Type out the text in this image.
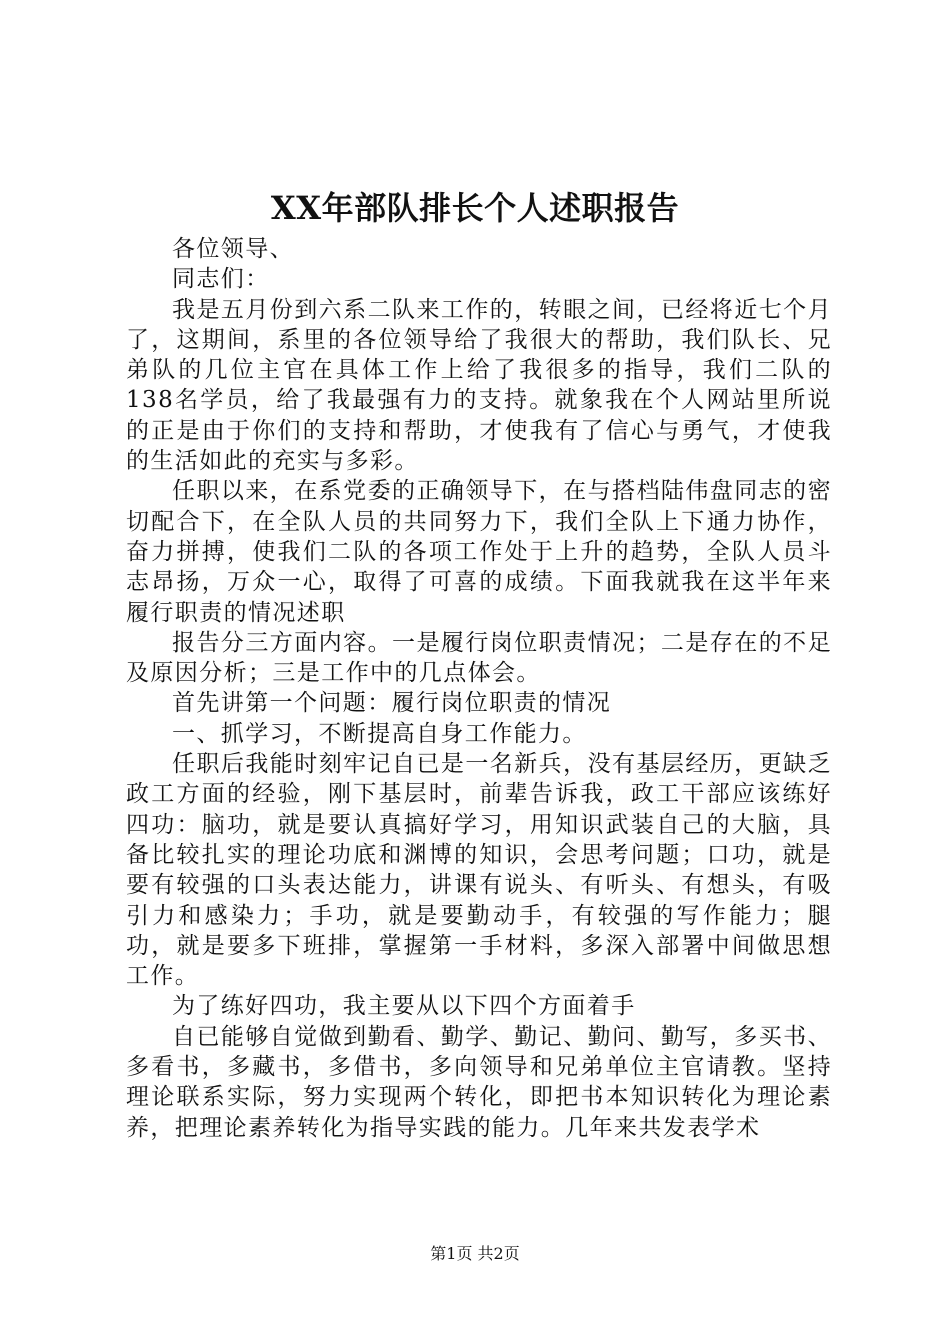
XX年部队排长个人述职报告

各位领导、

同志们：

我是五月份到六系二队来工作的，转眼之间，已经将近七个月了，这期间，系里的各位领导给了我很大的帮助，我们队长、兄弟队的几位主官在具体工作上给了我很多的指导，我们二队的138名学员，给了我最强有力的支持。就象我在个人网站里所说的正是由于你们的支持和帮助，才使我有了信心与勇气，才使我的生活如此的充实与多彩。

任职以来，在系党委的正确领导下，在与搭档陆伟盘同志的密切配合下，在全队人员的共同努力下，我们全队上下通力协作，奋力拼搏，使我们二队的各项工作处于上升的趋势，全队人员斗志昂扬，万众一心，取得了可喜的成绩。下面我就我在这半年来履行职责的情况述职

报告分三方面内容。一是履行岗位职责情况；二是存在的不足及原因分析；三是工作中的几点体会。

首先讲第一个问题：履行岗位职责的情况

一、抓学习，不断提高自身工作能力。

任职后我能时刻牢记自已是一名新兵，没有基层经历，更缺乏政工方面的经验，刚下基层时，前辈告诉我，政工干部应该练好四功：脑功，就是要认真搞好学习，用知识武装自己的大脑，具备比较扎实的理论功底和渊博的知识，会思考问题；口功，就是要有较强的口头表达能力，讲课有说头、有听头、有想头，有吸引力和感染力；手功，就是要勤动手，有较强的写作能力；腿功，就是要多下班排，掌握第一手材料，多深入部署中间做思想工作。

为了练好四功，我主要从以下四个方面着手

自已能够自觉做到勤看、勤学、勤记、勤问、勤写，多买书、多看书，多藏书，多借书，多向领导和兄弟单位主官请教。坚持理论联系实际，努力实现两个转化，即把书本知识转化为理论素养，把理论素养转化为指导实践的能力。几年来共发表学术

第1页 共2页
